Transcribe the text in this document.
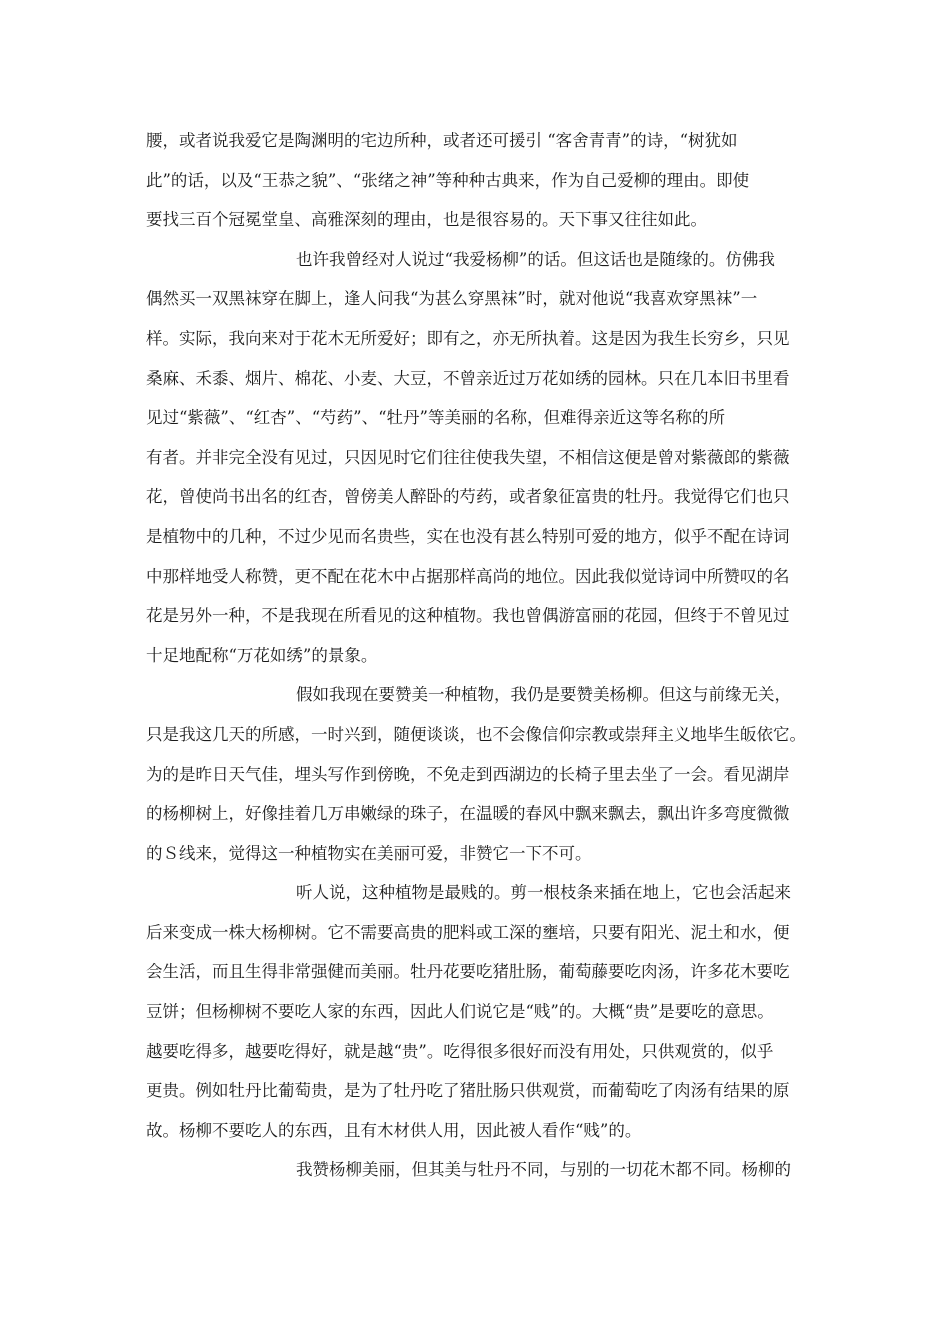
腰，或者说我爱它是陶渊明的宅边所种，或者还可援引 “客舍青青”的诗，“树犹如
此”的话，以及“王恭之貌”、“张绪之神”等种种古典来，作为自己爱柳的理由。即使
要找三百个冠冕堂皇、高雅深刻的理由，也是很容易的。天下事又往往如此。
也许我曾经对人说过“我爱杨柳”的话。但这话也是随缘的。仿佛我
偶然买一双黑袜穿在脚上，逢人问我“为甚么穿黑袜”时，就对他说“我喜欢穿黑袜”一
样。实际，我向来对于花木无所爱好；即有之，亦无所执着。这是因为我生长穷乡，只见
桑麻、禾黍、烟片、棉花、小麦、大豆，不曾亲近过万花如绣的园林。只在几本旧书里看
见过“紫薇”、“红杏”、“芍药”、“牡丹”等美丽的名称，但难得亲近这等名称的所
有者。并非完全没有见过，只因见时它们往往使我失望，不相信这便是曾对紫薇郎的紫薇
花，曾使尚书出名的红杏，曾傍美人醉卧的芍药，或者象征富贵的牡丹。我觉得它们也只
是植物中的几种，不过少见而名贵些，实在也没有甚么特别可爱的地方，似乎不配在诗词
中那样地受人称赞，更不配在花木中占据那样高尚的地位。因此我似觉诗词中所赞叹的名
花是另外一种，不是我现在所看见的这种植物。我也曾偶游富丽的花园，但终于不曾见过
十足地配称“万花如绣”的景象。
假如我现在要赞美一种植物，我仍是要赞美杨柳。但这与前缘无关，
只是我这几天的所感，一时兴到，随便谈谈，也不会像信仰宗教或崇拜主义地毕生皈依它。
为的是昨日天气佳，埋头写作到傍晚，不免走到西湖边的长椅子里去坐了一会。看见湖岸
的杨柳树上，好像挂着几万串嫩绿的珠子，在温暖的春风中飘来飘去，飘出许多弯度微微
的Ｓ线来，觉得这一种植物实在美丽可爱，非赞它一下不可。
听人说，这种植物是最贱的。剪一根枝条来插在地上，它也会活起来
后来变成一株大杨柳树。它不需要高贵的肥料或工深的壅培，只要有阳光、泥土和水，便
会生活，而且生得非常强健而美丽。牡丹花要吃猪肚肠，葡萄藤要吃肉汤，许多花木要吃
豆饼；但杨柳树不要吃人家的东西，因此人们说它是“贱”的。大概“贵”是要吃的意思。
越要吃得多，越要吃得好，就是越“贵”。吃得很多很好而没有用处，只供观赏的，似乎
更贵。例如牡丹比葡萄贵，是为了牡丹吃了猪肚肠只供观赏，而葡萄吃了肉汤有结果的原
故。杨柳不要吃人的东西，且有木材供人用，因此被人看作“贱”的。
我赞杨柳美丽，但其美与牡丹不同，与别的一切花木都不同。杨柳的
